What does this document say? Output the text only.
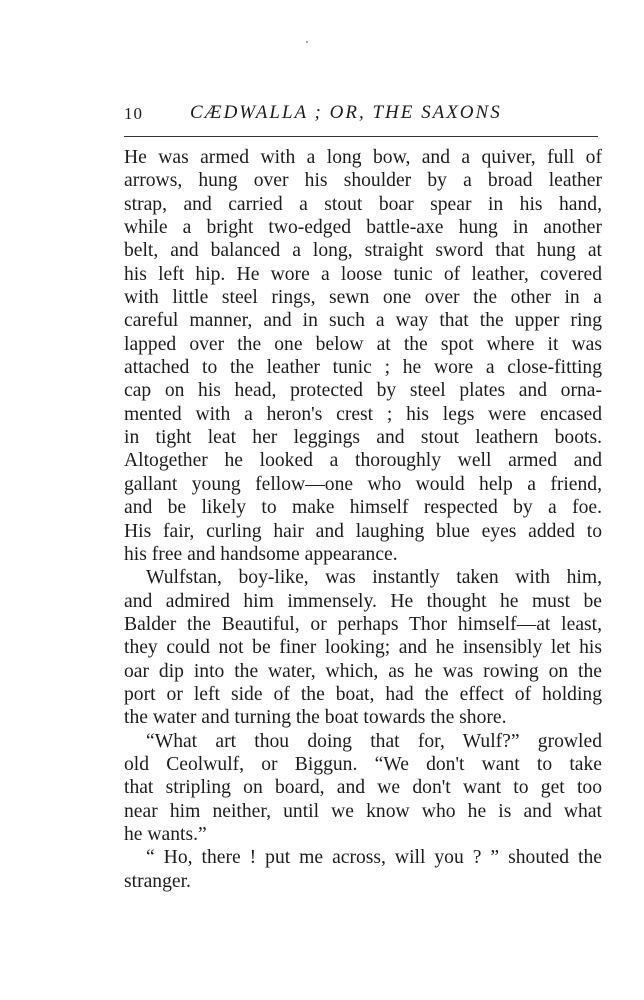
10 CÆDWALLA ; OR, THE SAXONS
He was armed with a long bow, and a quiver, full of
arrows, hung over his shoulder by a broad leather
strap, and carried a stout boar spear in his hand,
while a bright two-edged battle-axe hung in another
belt, and balanced a long, straight sword that hung at
his left hip. He wore a loose tunic of leather, covered
with little steel rings, sewn one over the other in a
careful manner, and in such a way that the upper ring
lapped over the one below at the spot where it was
attached to the leather tunic ; he wore a close-fitting
cap on his head, protected by steel plates and orna-
mented with a heron's crest ; his legs were encased
in tight leat her leggings and stout leathern boots.
Altogether he looked a thoroughly well armed and
gallant young fellow—one who would help a friend,
and be likely to make himself respected by a foe.
His fair, curling hair and laughing blue eyes added to
his free and handsome appearance.
Wulfstan, boy-like, was instantly taken with him,
and admired him immensely. He thought he must be
Balder the Beautiful, or perhaps Thor himself—at least,
they could not be finer looking; and he insensibly let his
oar dip into the water, which, as he was rowing on the
port or left side of the boat, had the effect of holding
the water and turning the boat towards the shore.
“What art thou doing that for, Wulf?” growled
old Ceolwulf, or Biggun. “We don't want to take
that stripling on board, and we don't want to get too
near him neither, until we know who he is and what
he wants.”
“ Ho, there ! put me across, will you ? ” shouted the
stranger.
